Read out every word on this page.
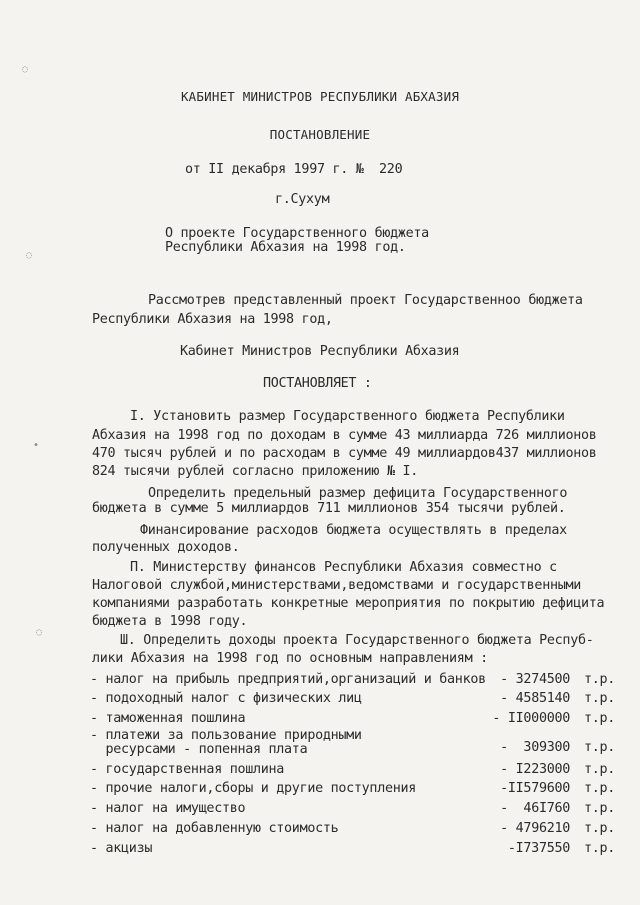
◌
◌
•
◌
КАБИНЕТ МИНИСТРОВ РЕСПУБЛИКИ АБХАЗИЯ
ПОСТАНОВЛЕНИЕ
от II декабря 1997 г. №  220
г.Сухум
О проекте Государственного бюджета
Республики Абхазия на 1998 год.
Рассмотрев представленный проект Государственноо бюджета
Республики Абхазия на 1998 год,
Кабинет Министров Республики Абхазия
ПОСТАНОВЛЯЕТ :
I. Установить размер Государственного бюджета Республики
Абхазия на 1998 год по доходам в сумме 43 миллиарда 726 миллионов
470 тысяч рублей и по расходам в сумме 49 миллиардов437 миллионов
824 тысячи рублей согласно приложению № I.
Определить предельный размер дефицита Государственного
бюджета в сумме 5 миллиардов 711 миллионов 354 тысячи рублей.
Финансирование расходов бюджета осуществлять в пределах
полученных доходов.
П. Министерству финансов Республики Абхазия совместно с
Налоговой службой,министерствами,ведомствами и государственными
компаниями разработать конкретные мероприятия по покрытию дефицита
бюджета в 1998 году.
Ш. Определить доходы проекта Государственного бюджета Респуб-
лики Абхазия на 1998 год по основным направлениям :
- налог на прибыль предприятий,организаций и банков - 3274500 т.р.
- подоходный налог с физических лиц	- 4585140 т.р.
- таможенная пошлина	- II000000 т.р.
- платежи за пользование природными
ресурсами - попенная плата	-  309300 т.р.
- государственная пошлина	- I223000 т.р.
- прочие налоги,сборы и другие поступления	-II579600 т.р.
- налог на имущество	-  46I760 т.р.
- налог на добавленную стоимость	- 4796210 т.р.
- акцизы	-I737550 т.р.
